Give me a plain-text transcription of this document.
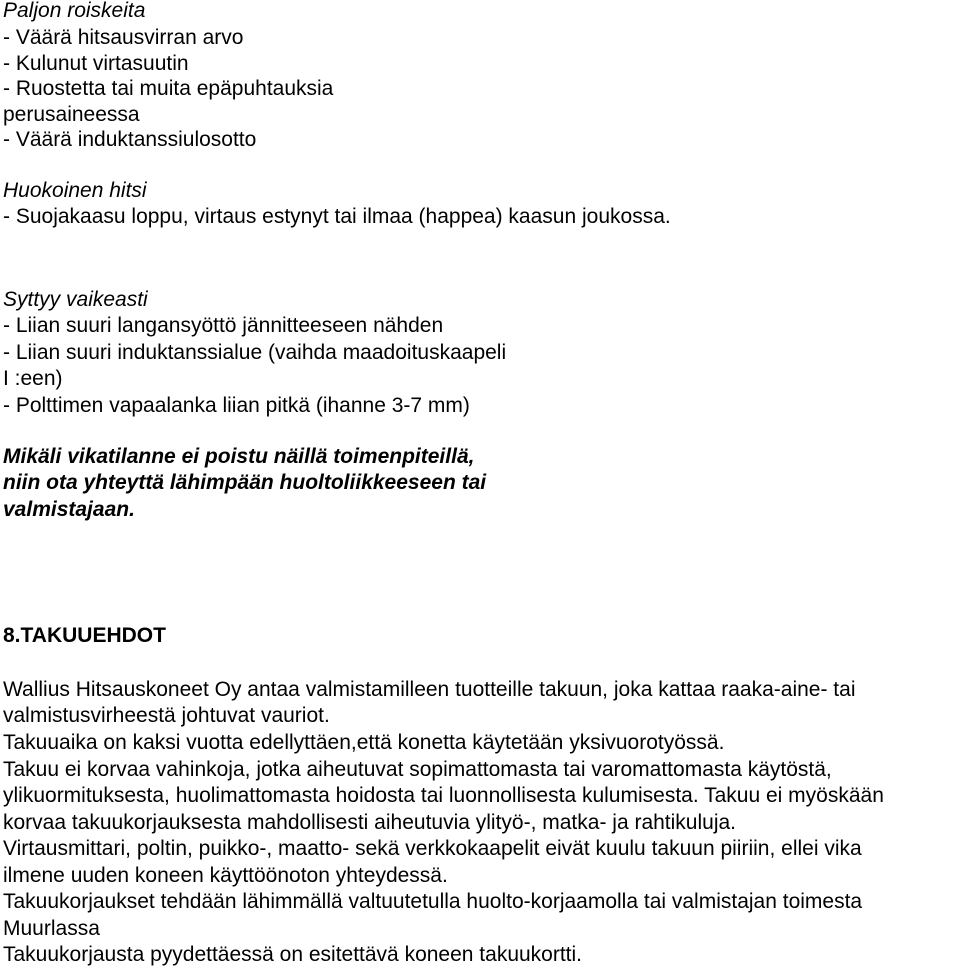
Paljon roiskeita
- Väärä hitsausvirran arvo
- Kulunut virtasuutin
- Ruostetta tai muita epäpuhtauksia
perusaineessa
- Väärä induktanssiulosotto
Huokoinen hitsi
- Suojakaasu loppu, virtaus estynyt tai ilmaa (happea) kaasun joukossa.
Syttyy vaikeasti
- Liian suuri langansyöttö jännitteeseen nähden
- Liian suuri induktanssialue (vaihda maadoituskaapeli
I :een)
- Polttimen vapaalanka liian pitkä (ihanne 3-7 mm)
Mikäli vikatilanne ei poistu näillä toimenpiteillä,
niin ota yhteyttä lähimpään huoltoliikkeeseen tai
valmistajaan.
8.TAKUUEHDOT
Wallius Hitsauskoneet Oy antaa valmistamilleen tuotteille takuun, joka kattaa raaka-aine- tai
valmistusvirheestä johtuvat vauriot.
Takuuaika on kaksi vuotta edellyttäen,että konetta käytetään yksivuorotyössä.
Takuu ei korvaa vahinkoja, jotka aiheutuvat sopimattomasta tai varomattomasta käytöstä,
ylikuormituksesta, huolimattomasta hoidosta tai luonnollisesta kulumisesta. Takuu ei myöskään
korvaa takuukorjauksesta mahdollisesti aiheutuvia ylityö-, matka- ja rahtikuluja.
Virtausmittari, poltin, puikko-, maatto- sekä verkkokaapelit eivät kuulu takuun piiriin, ellei vika
ilmene uuden koneen käyttöönoton yhteydessä.
Takuukorjaukset tehdään lähimmällä valtuutetulla huolto-korjaamolla tai valmistajan toimesta
Muurlassa
Takuukorjausta pyydettäessä on esitettävä koneen takuukortti.
